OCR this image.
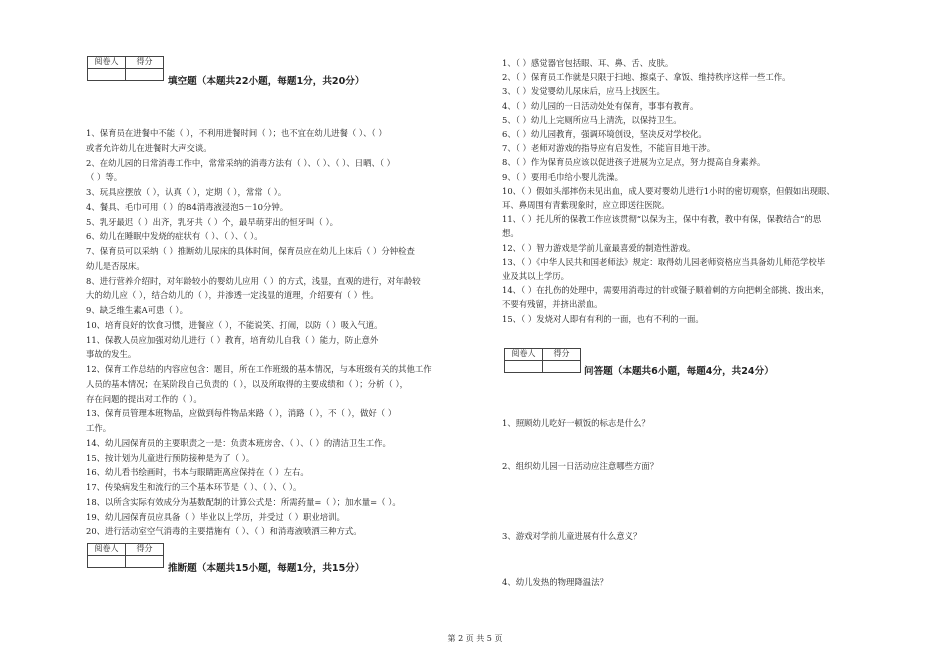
阅卷人	得分

填空题（本题共22小题，每题1分，共20分）
1、保育员在进餐中不能（ ），不利用进餐时间（ ）；也不宜在幼儿进餐（ ）、（ ）
或者允许幼儿在进餐时大声交谈。
2、在幼儿园的日常消毒工作中，常常采纳的消毒方法有（ ）、（ ）、（ ）、日晒、（ ）
（ ）等。
3、玩具应摆放（ ），认真（ ），定期（ ），常常（ ）。
4、餐具、毛巾可用（ ）的84消毒液浸泡5－10分钟。
5、乳牙最迟（ ）出齐，乳牙共（ ）个，最早萌芽出的恒牙叫（ ）。
6、幼儿在睡眠中发烧的症状有（ ）、（ ）、（ ）。
7、保育员可以采纳（ ）推断幼儿尿床的具体时间，保育员应在幼儿上床后（ ）分钟检查
幼儿是否尿床。
8、进行营养介绍时，对年龄较小的婴幼儿应用（ ）的方式，浅显，直观的进行，对年龄较
大的幼儿应（ ），结合幼儿的（ ），并渗透一定浅显的道理，介绍要有（ ）性。
9、缺乏维生素A可患（ ）。
10、培育良好的饮食习惯，进餐应（ ），不能说笑、打闹，以防（ ）吸入气道。
11、保教人员应加强对幼儿进行（ ）教育，培育幼儿自我（ ）能力，防止意外
事故的发生。
12、保育工作总结的内容应包含：题目，所在工作班级的基本情况，与本班级有关的其他工作
人员的基本情况；在某阶段自己负责的（ ），以及所取得的主要成绩和（ ）；分析（ ），
存在问题的提出对工作的（ ）。
13、保育员管理本班物品，应做到每件物品来路（ ），消路（ ），不（ ），做好（ ）
工作。
14、幼儿园保育员的主要职责之一是：负责本班房舍、（ ）、（ ）的清洁卫生工作。
15、按计划为儿童进行预防接种是为了（ ）。
16、幼儿看书绘画时，书本与眼睛距离应保持在（ ）左右。
17、传染病发生和流行的三个基本环节是（ ）、（ ）、（ ）。
18、以所含实际有效成分为基数配制的计算公式是：所需药量=（ ）；加水量=（ ）。
19、幼儿园保育员应具备（ ）毕业以上学历，并受过（ ）职业培训。
20、进行活动室空气消毒的主要措施有（ ）、（ ）和消毒液喷洒三种方式。
阅卷人	得分

推断题（本题共15小题，每题1分，共15分）
1、（ ）感觉器官包括眼、耳、鼻、舌、皮肤。
2、（ ）保育员工作就是只限于扫地、擦桌子、拿饭、维持秩序这样一些工作。
3、（ ）发觉婴幼儿尿床后，应马上找医生。
4、（ ）幼儿园的一日活动处处有保育，事事有教育。
5、（ ）幼儿上完厕所应马上清洗，以保持卫生。
6、（ ）幼儿园教育，强调环境创设，坚决反对学校化。
7、（ ）老师对游戏的指导应有启发性，不能盲目地干涉。
8、（ ）作为保育员应该以促进孩子进展为立足点，努力提高自身素养。
9、（ ）要用毛巾给小婴儿洗澡。
10、（ ）假如头部摔伤未见出血，成人要对婴幼儿进行1小时的密切观察，但假如出现眼、
耳、鼻周围有青紫现象时，应立即送往医院。
11、（ ）托儿所的保教工作应该贯彻“以保为主，保中有教，教中有保，保教结合”的思
想。
12、（ ）智力游戏是学前儿童最喜爱的制造性游戏。
13、（ ）《中华人民共和国老师法》规定：取得幼儿园老师资格应当具备幼儿师范学校毕
业及其以上学历。
14、（ ）在扎伤的处理中，需要用消毒过的针或镊子顺着刺的方向把刺全部挑、拨出来，
不要有残留，并挤出淤血。
15、（ ）发烧对人即有有利的一面，也有不利的一面。
阅卷人	得分

问答题（本题共6小题，每题4分，共24分）
1、照顾幼儿吃好一顿饭的标志是什么？
2、组织幼儿园一日活动应注意哪些方面？
3、游戏对学前儿童进展有什么意义？
4、幼儿发热的物理降温法？
第 2 页 共 5 页
